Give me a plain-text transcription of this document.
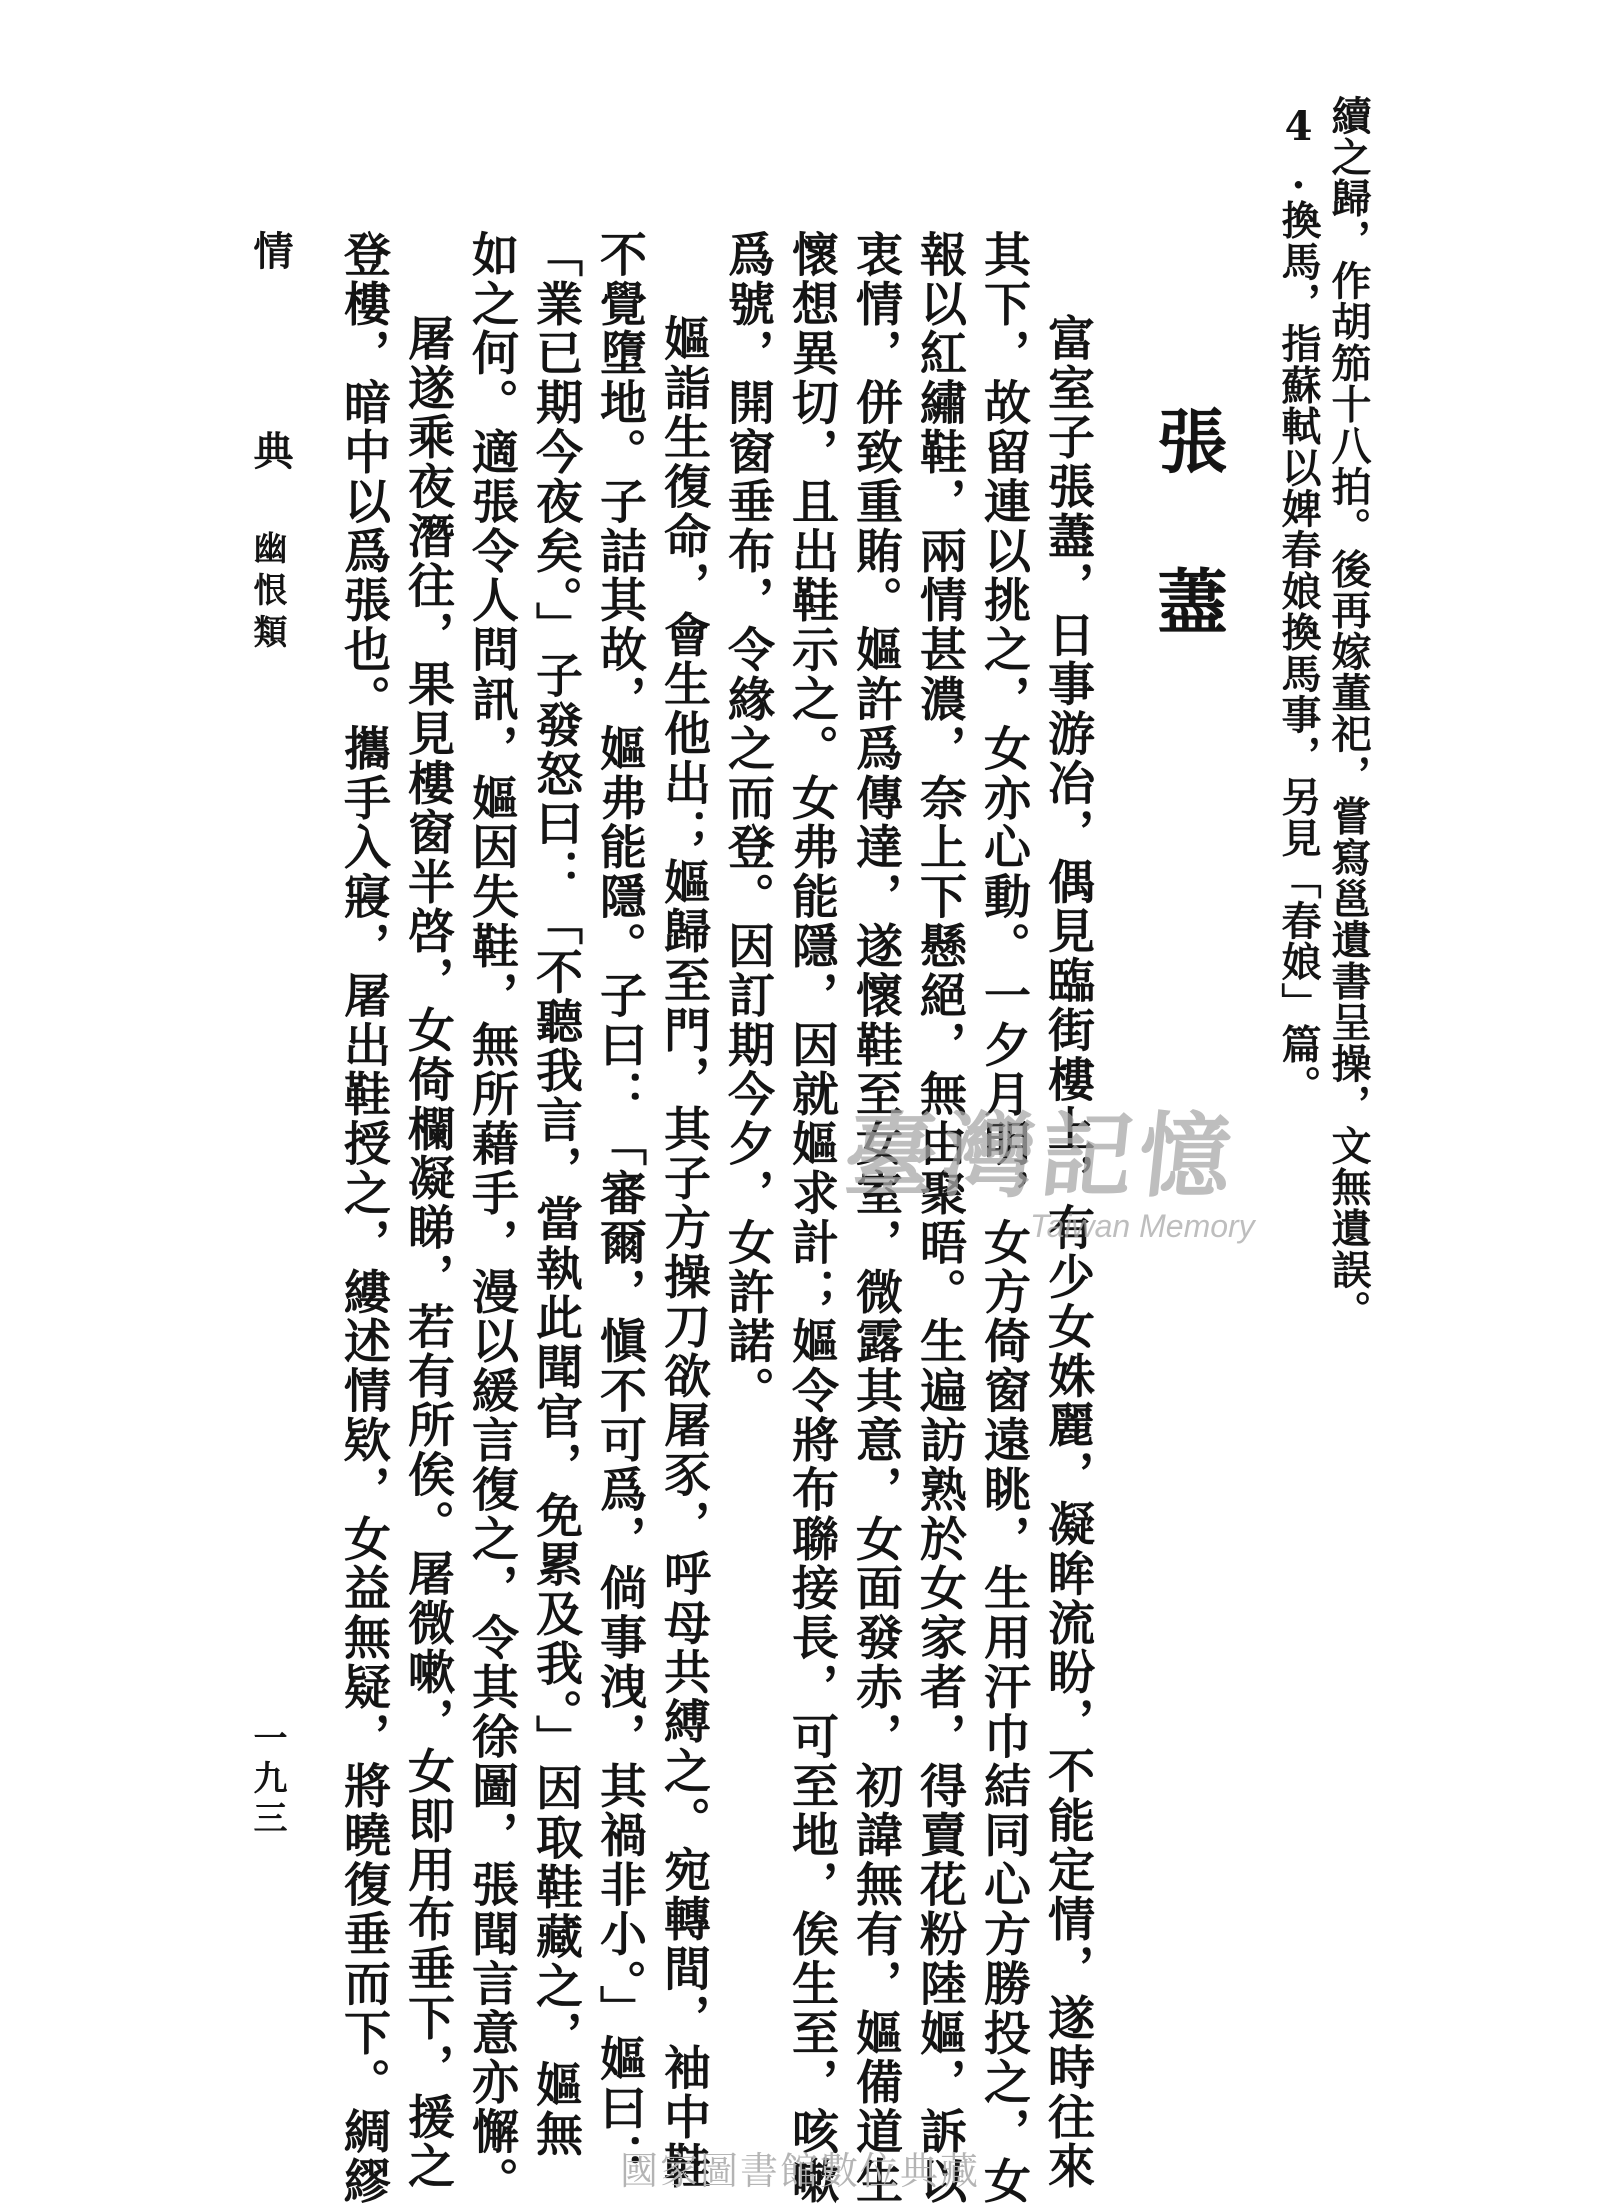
續之歸，作胡笳十八拍。後再嫁董祀，嘗寫邕遺書呈操，文無遺誤。
4.換馬，指蘇軾以婢春娘換馬事，另見「春娘」篇。
張藎
富室子張藎，日事游冶，偶見臨街樓上，有少女姝麗，凝眸流盼，不能定情，遂時往來
其下，故留連以挑之，女亦心動。一夕月明，女方倚窗遠眺，生用汗巾結同心方勝投之，女
報以紅繡鞋，兩情甚濃，奈上下懸絕，無由聚晤。生遍訪熟於女家者，得賣花粉陸嫗，訴以
衷情，併致重賄。嫗許爲傳達，遂懷鞋至女室，微露其意，女面發赤，初諱無有，嫗備道生
懷想異切，且出鞋示之。女弗能隱，因就嫗求計；嫗令將布聯接長，可至地，俟生至，咳嗽
爲號，開窗垂布，令緣之而登。因訂期今夕，女許諾。
嫗詣生復命，會生他出；嫗歸至門，其子方操刀欲屠豕，呼母共縛之。宛轉間，袖中鞋
不覺墮地。子詰其故，嫗弗能隱。子曰：「審爾，愼不可爲，倘事洩，其禍非小。」嫗曰：
「業已期今夜矣。」子發怒曰：「不聽我言，當執此聞官，免累及我。」因取鞋藏之，嫗無
如之何。適張令人問訊，嫗因失鞋，無所藉手，漫以緩言復之，令其徐圖，張聞言意亦懈。
屠遂乘夜潛往，果見樓窗半啓，女倚欄凝睇，若有所俟。屠微嗽，女即用布垂下，援之
登樓，暗中以爲張也。攜手入寢，屠出鞋授之，縷述情欵，女益無疑，將曉復垂而下。綢繆
情　典
幽恨類
一九三
臺灣記憶
Taiwan Memory
國家圖書館數位典藏
